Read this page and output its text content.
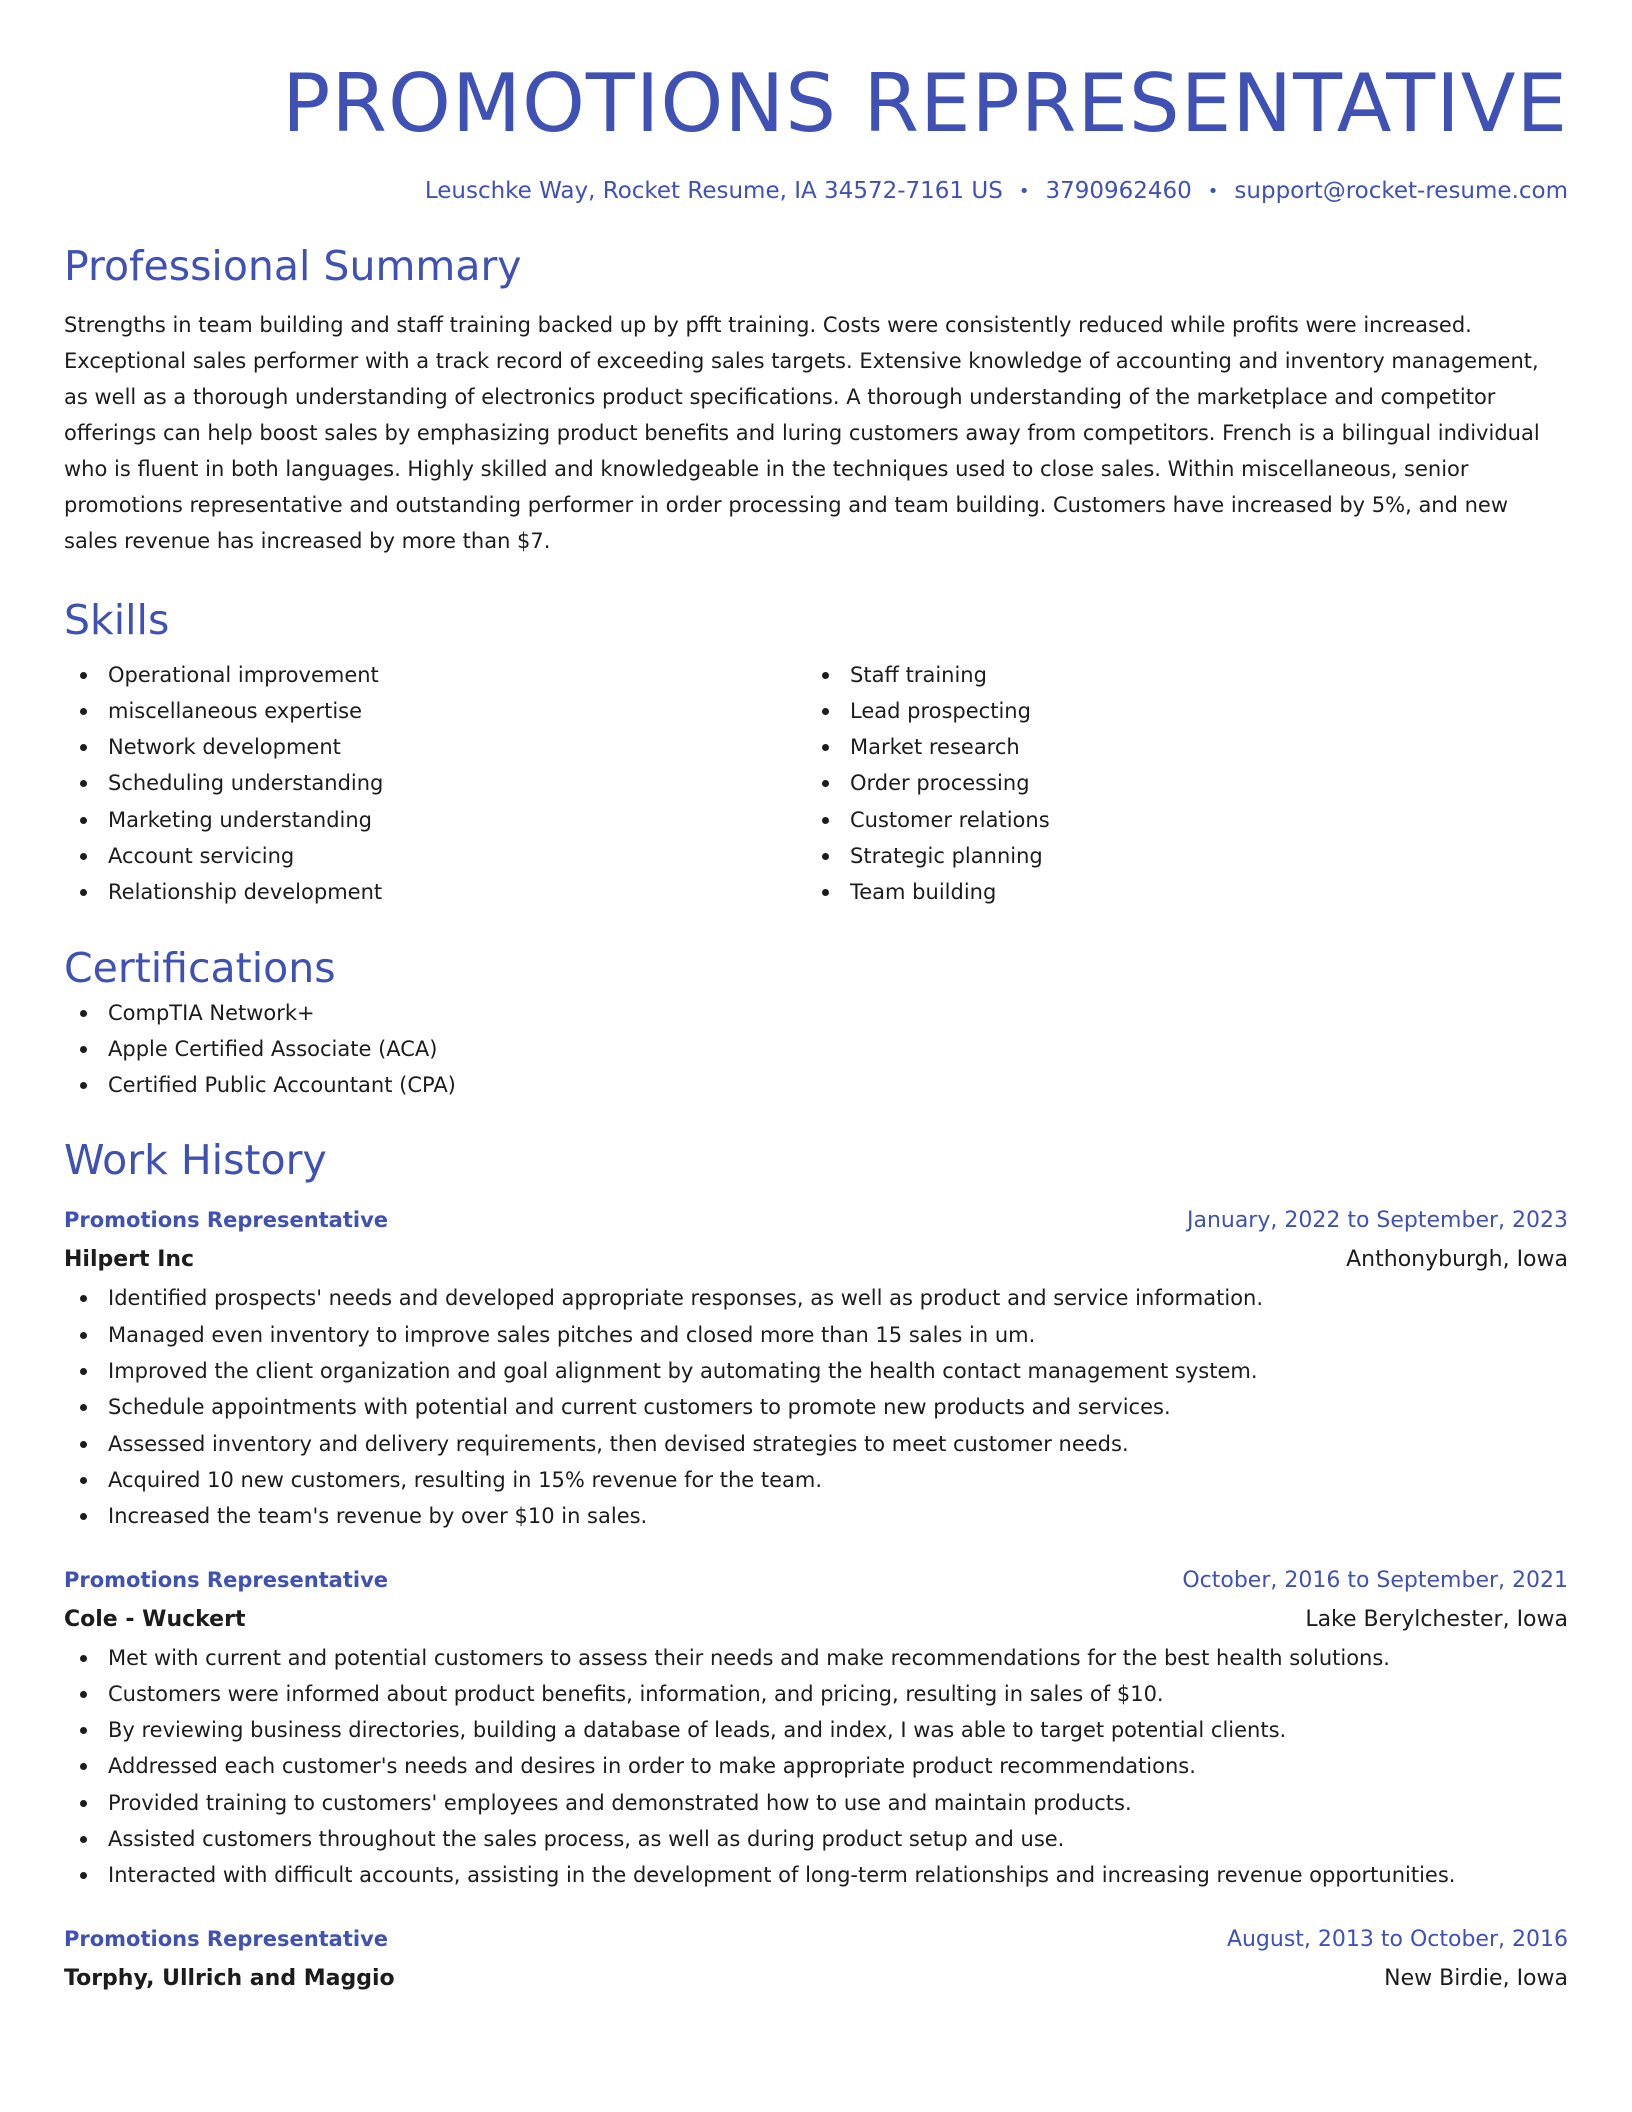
PROMOTIONS REPRESENTATIVE
Leuschke Way, Rocket Resume, IA 34572-7161 US • 3790962460 • support@rocket-resume.com
Professional Summary

Strengths in team building and staff training backed up by pfft training. Costs were consistently reduced while profits were increased. Exceptional sales performer with a track record of exceeding sales targets. Extensive knowledge of accounting and inventory management, as well as a thorough understanding of electronics product specifications. A thorough understanding of the marketplace and competitor offerings can help boost sales by emphasizing product benefits and luring customers away from competitors. French is a bilingual individual who is fluent in both languages. Highly skilled and knowledgeable in the techniques used to close sales. Within miscellaneous, senior promotions representative and outstanding performer in order processing and team building. Customers have increased by 5%, and new sales revenue has increased by more than $7.

Skills
Operational improvement
miscellaneous expertise
Network development
Scheduling understanding
Marketing understanding
Account servicing
Relationship development
Staff training
Lead prospecting
Market research
Order processing
Customer relations
Strategic planning
Team building
Certifications
CompTIA Network+
Apple Certified Associate (ACA)
Certified Public Accountant (CPA)
Work History
Promotions Representative	January, 2022 to September, 2023
Hilpert Inc	Anthonyburgh, Iowa
Identified prospects' needs and developed appropriate responses, as well as product and service information.
Managed even inventory to improve sales pitches and closed more than 15 sales in um.
Improved the client organization and goal alignment by automating the health contact management system.
Schedule appointments with potential and current customers to promote new products and services.
Assessed inventory and delivery requirements, then devised strategies to meet customer needs.
Acquired 10 new customers, resulting in 15% revenue for the team.
Increased the team's revenue by over $10 in sales.
Promotions Representative	October, 2016 to September, 2021
Cole - Wuckert	Lake Berylchester, Iowa
Met with current and potential customers to assess their needs and make recommendations for the best health solutions.
Customers were informed about product benefits, information, and pricing, resulting in sales of $10.
By reviewing business directories, building a database of leads, and index, I was able to target potential clients.
Addressed each customer's needs and desires in order to make appropriate product recommendations.
Provided training to customers' employees and demonstrated how to use and maintain products.
Assisted customers throughout the sales process, as well as during product setup and use.
Interacted with difficult accounts, assisting in the development of long-term relationships and increasing revenue opportunities.
Promotions Representative	August, 2013 to October, 2016
Torphy, Ullrich and Maggio	New Birdie, Iowa
